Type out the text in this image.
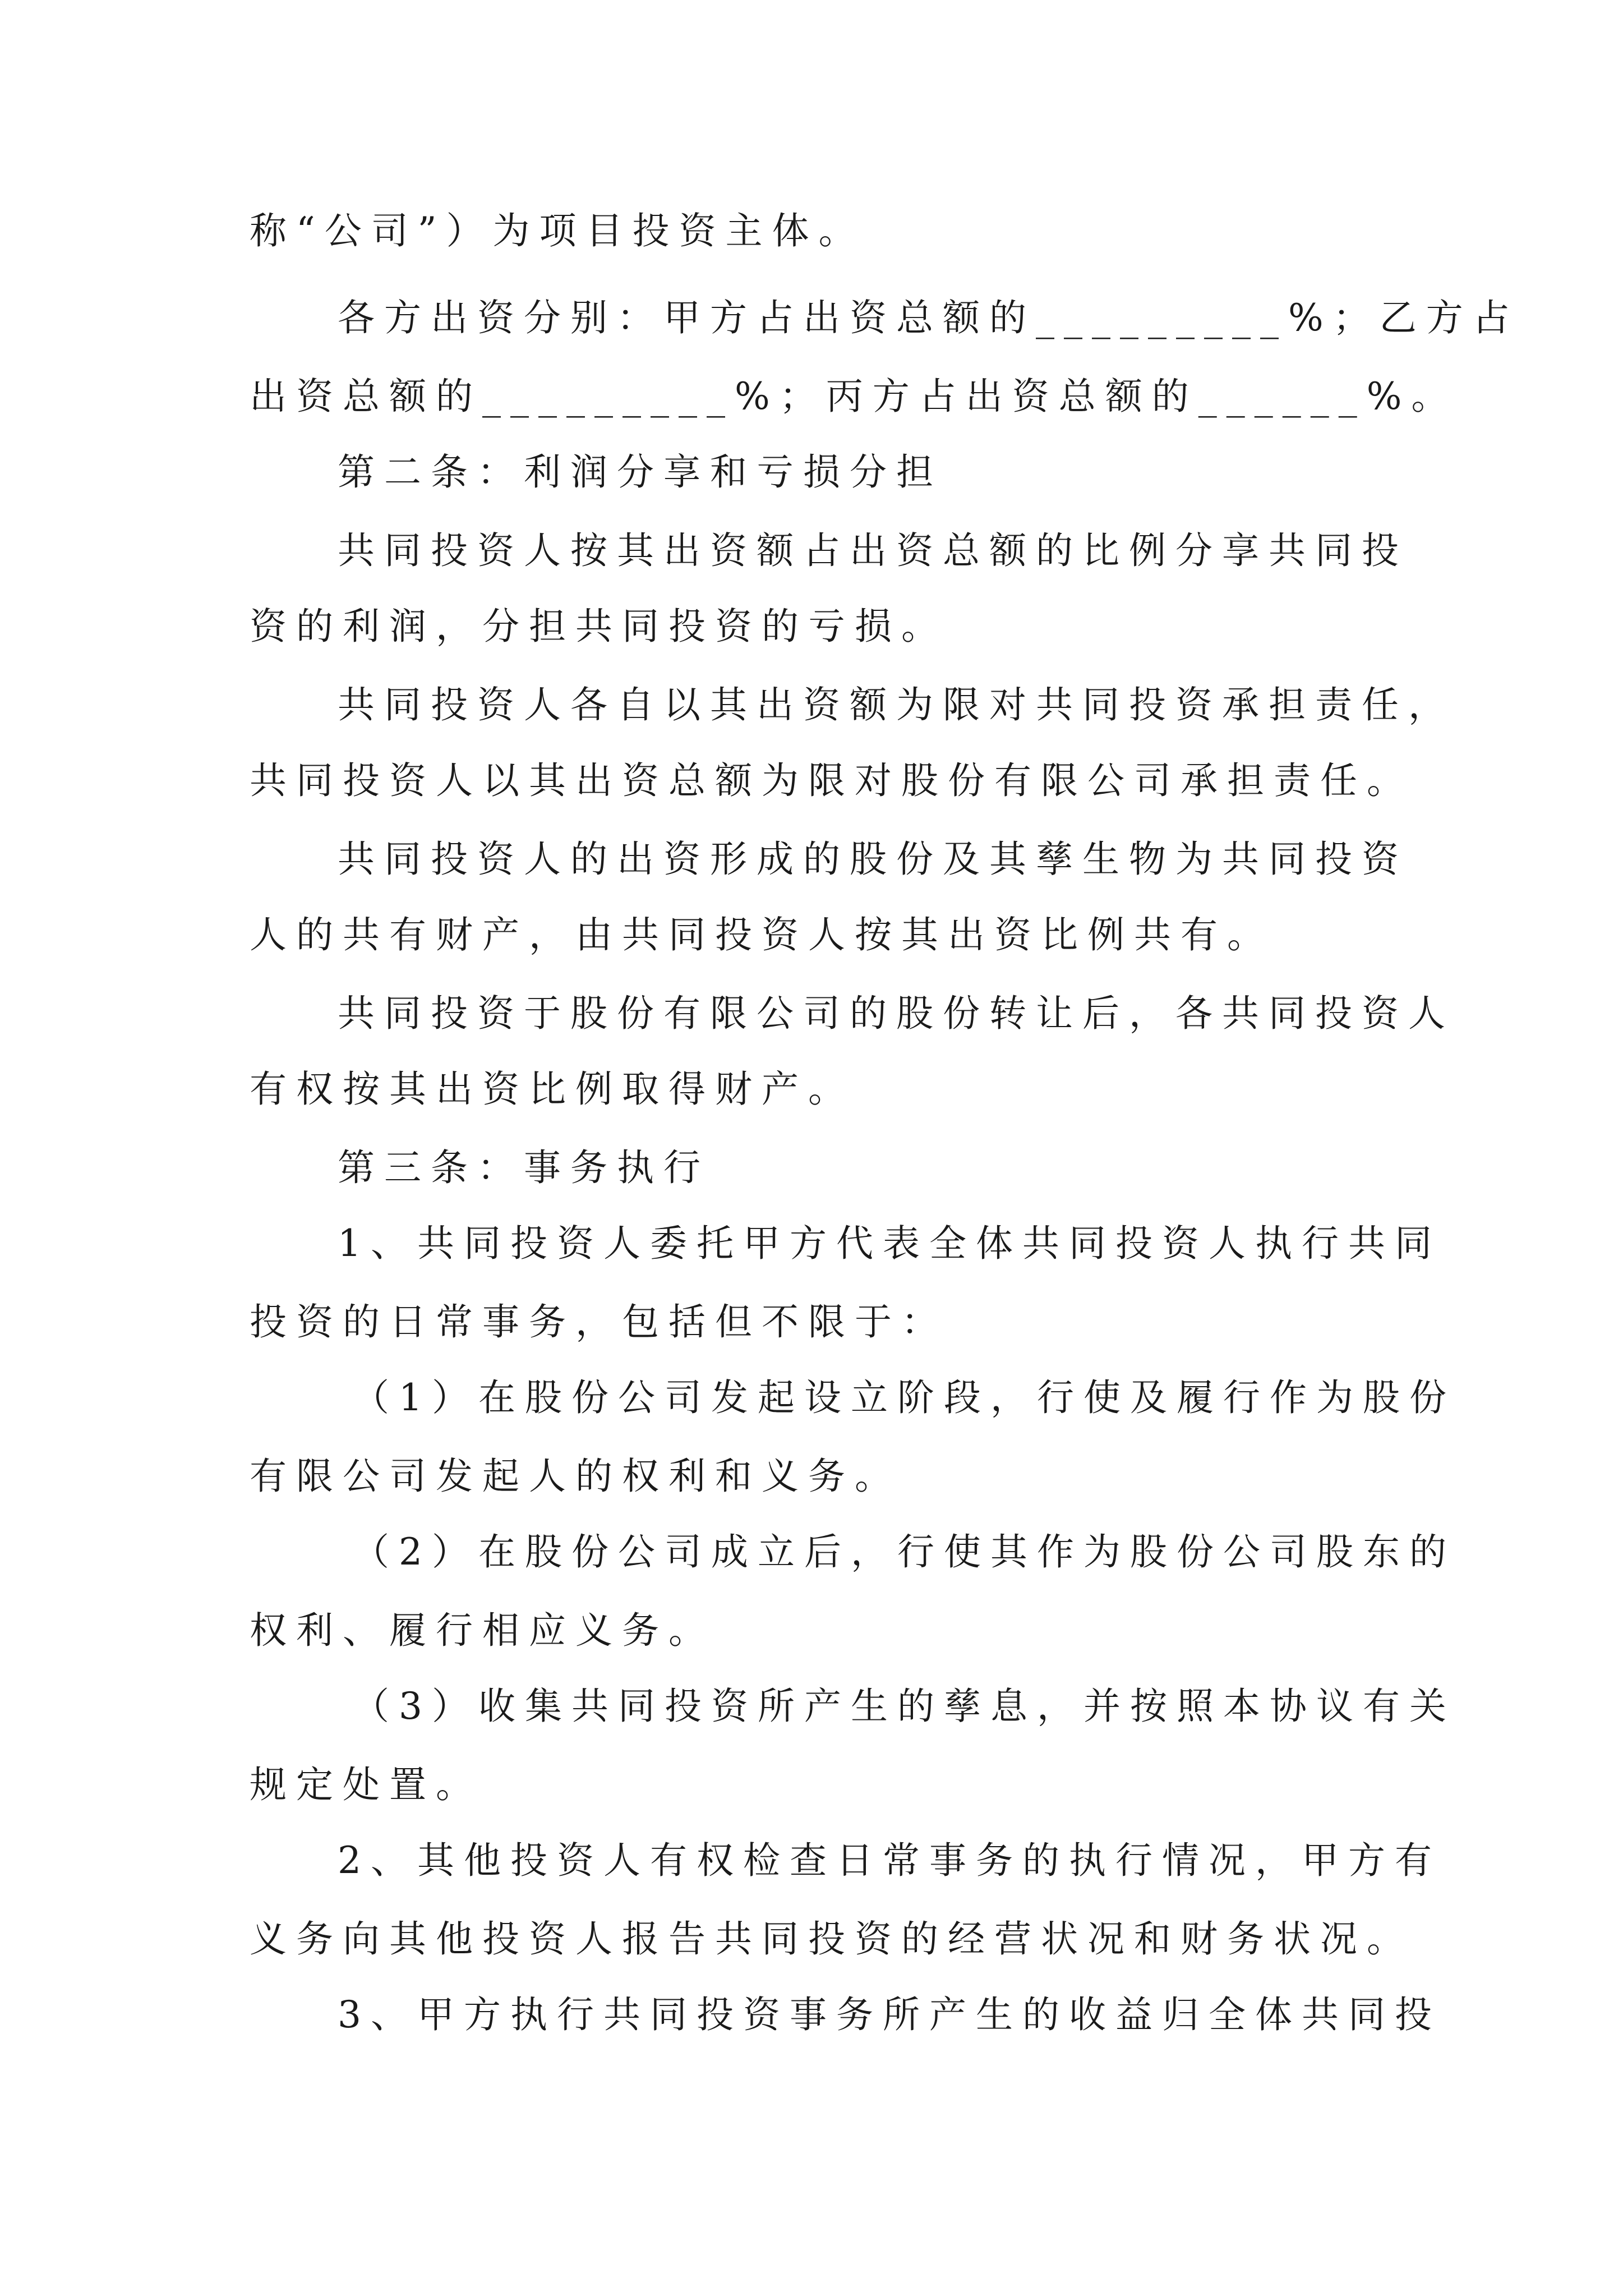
称“公司”）为项目投资主体。
各方出资分别：甲方占出资总额的_________%；乙方占
出资总额的_________%；丙方占出资总额的______%。
第二条：利润分享和亏损分担
共同投资人按其出资额占出资总额的比例分享共同投
资的利润，分担共同投资的亏损。
共同投资人各自以其出资额为限对共同投资承担责任，
共同投资人以其出资总额为限对股份有限公司承担责任。
共同投资人的出资形成的股份及其孳生物为共同投资
人的共有财产，由共同投资人按其出资比例共有。
共同投资于股份有限公司的股份转让后，各共同投资人
有权按其出资比例取得财产。
第三条：事务执行
1、共同投资人委托甲方代表全体共同投资人执行共同
投资的日常事务，包括但不限于：
（1）在股份公司发起设立阶段，行使及履行作为股份
有限公司发起人的权利和义务。
（2）在股份公司成立后，行使其作为股份公司股东的
权利、履行相应义务。
（3）收集共同投资所产生的孳息，并按照本协议有关
规定处置。
2、其他投资人有权检查日常事务的执行情况，甲方有
义务向其他投资人报告共同投资的经营状况和财务状况。
3、甲方执行共同投资事务所产生的收益归全体共同投
